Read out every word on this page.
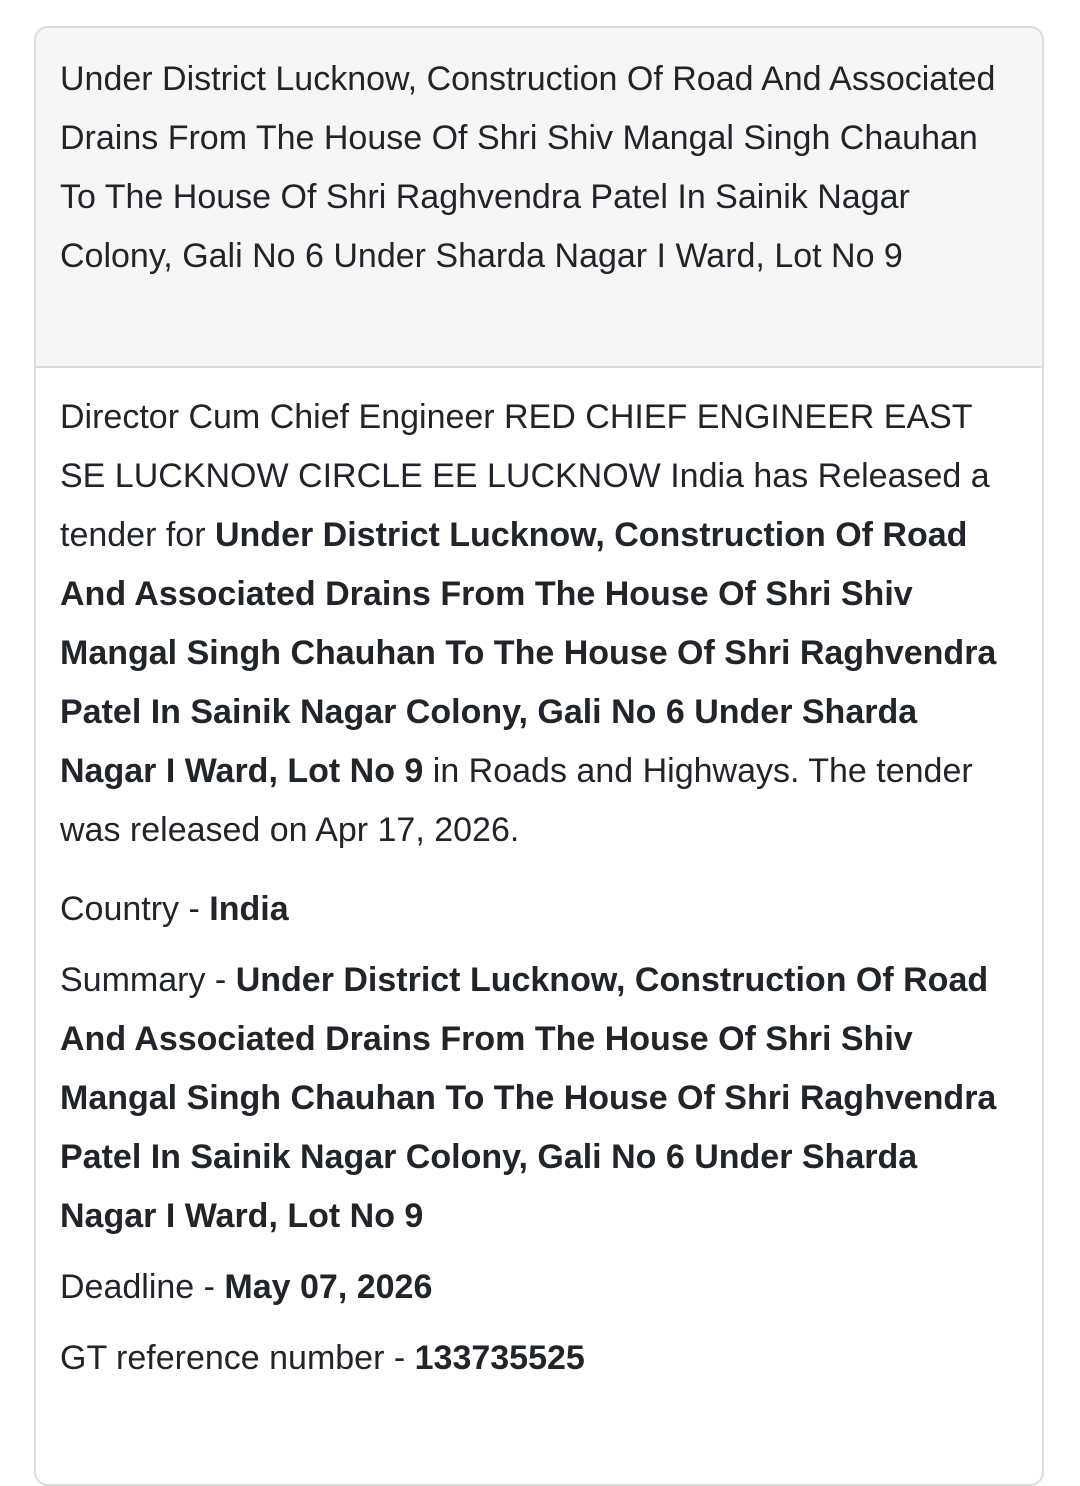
Under District Lucknow, Construction Of Road And Associated Drains From The House Of Shri Shiv Mangal Singh Chauhan To The House Of Shri Raghvendra Patel In Sainik Nagar Colony, Gali No 6 Under Sharda Nagar I Ward, Lot No 9

Director Cum Chief Engineer RED CHIEF ENGINEER EAST SE LUCKNOW CIRCLE EE LUCKNOW India has Released a tender for Under District Lucknow, Construction Of Road And Associated Drains From The House Of Shri Shiv Mangal Singh Chauhan To The House Of Shri Raghvendra Patel In Sainik Nagar Colony, Gali No 6 Under Sharda Nagar I Ward, Lot No 9 in Roads and Highways. The tender was released on Apr 17, 2026.

Country - India

Summary - Under District Lucknow, Construction Of Road And Associated Drains From The House Of Shri Shiv Mangal Singh Chauhan To The House Of Shri Raghvendra Patel In Sainik Nagar Colony, Gali No 6 Under Sharda Nagar I Ward, Lot No 9

Deadline - May 07, 2026

GT reference number - 133735525
